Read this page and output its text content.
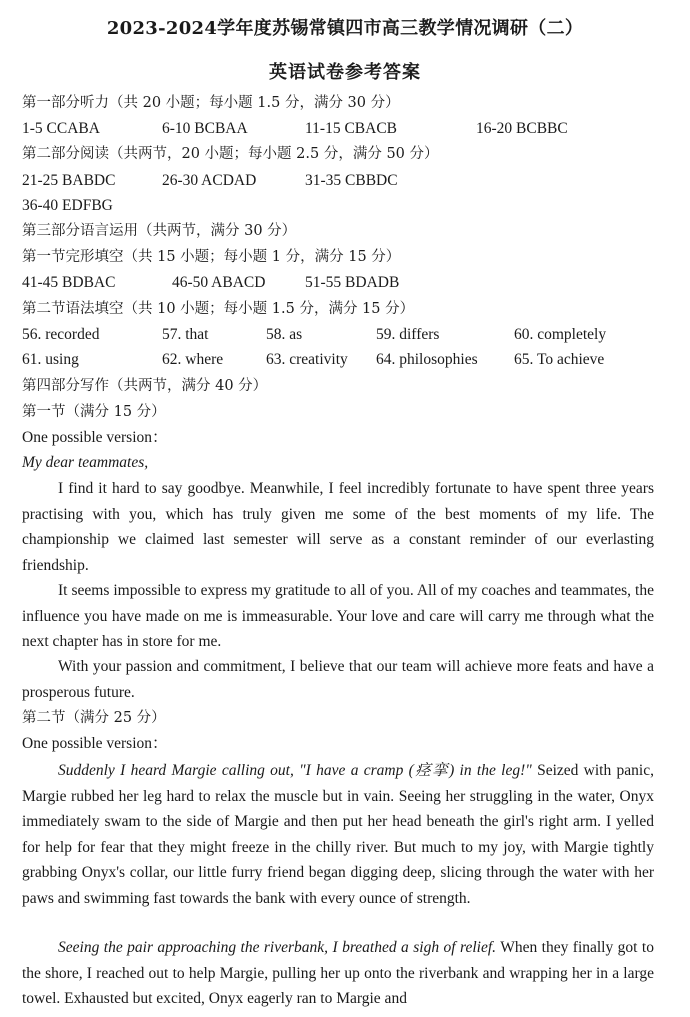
2023-2024学年度苏锡常镇四市高三教学情况调研（二）
英语试卷参考答案
第一部分听力（共 20 小题；每小题 1.5 分，满分 30 分）
1-5 CCABA	6-10 BCBAA	11-15 CBACB	16-20 BCBBC
第二部分阅读（共两节，20 小题；每小题 2.5 分，满分 50 分）
21-25 BABDC	26-30 ACDAD	31-35 CBBDC
36-40 EDFBG
第三部分语言运用（共两节，满分 30 分）
第一节完形填空（共 15 小题；每小题 1 分，满分 15 分）
41-45 BDBAC	46-50 ABACD	51-55 BDADB
第二节语法填空（共 10 小题；每小题 1.5 分，满分 15 分）
56. recorded	57. that	58. as	59. differs	60. completely
61. using	62. where	63. creativity 64. philosophies 65. To achieve
第四部分写作（共两节，满分 40 分）
第一节（满分 15 分）
One possible version：
My dear teammates,
I find it hard to say goodbye. Meanwhile, I feel incredibly fortunate to have spent three years practising with you, which has truly given me some of the best moments of my life. The championship we claimed last semester will serve as a constant reminder of our everlasting friendship.
It seems impossible to express my gratitude to all of you. All of my coaches and teammates, the influence you have made on me is immeasurable. Your love and care will carry me through what the next chapter has in store for me.
With your passion and commitment, I believe that our team will achieve more feats and have a prosperous future.
第二节（满分 25 分）
One possible version：
Suddenly I heard Margie calling out, "I have a cramp (痉挛) in the leg!" Seized with panic, Margie rubbed her leg hard to relax the muscle but in vain. Seeing her struggling in the water, Onyx immediately swam to the side of Margie and then put her head beneath the girl's right arm. I yelled for help for fear that they might freeze in the chilly river. But much to my joy, with Margie tightly grabbing Onyx's collar, our little furry friend began digging deep, slicing through the water with her paws and swimming fast towards the bank with every ounce of strength.
Seeing the pair approaching the riverbank, I breathed a sigh of relief. When they finally got to the shore, I reached out to help Margie, pulling her up onto the riverbank and wrapping her in a large towel. Exhausted but excited, Onyx eagerly ran to Margie and
